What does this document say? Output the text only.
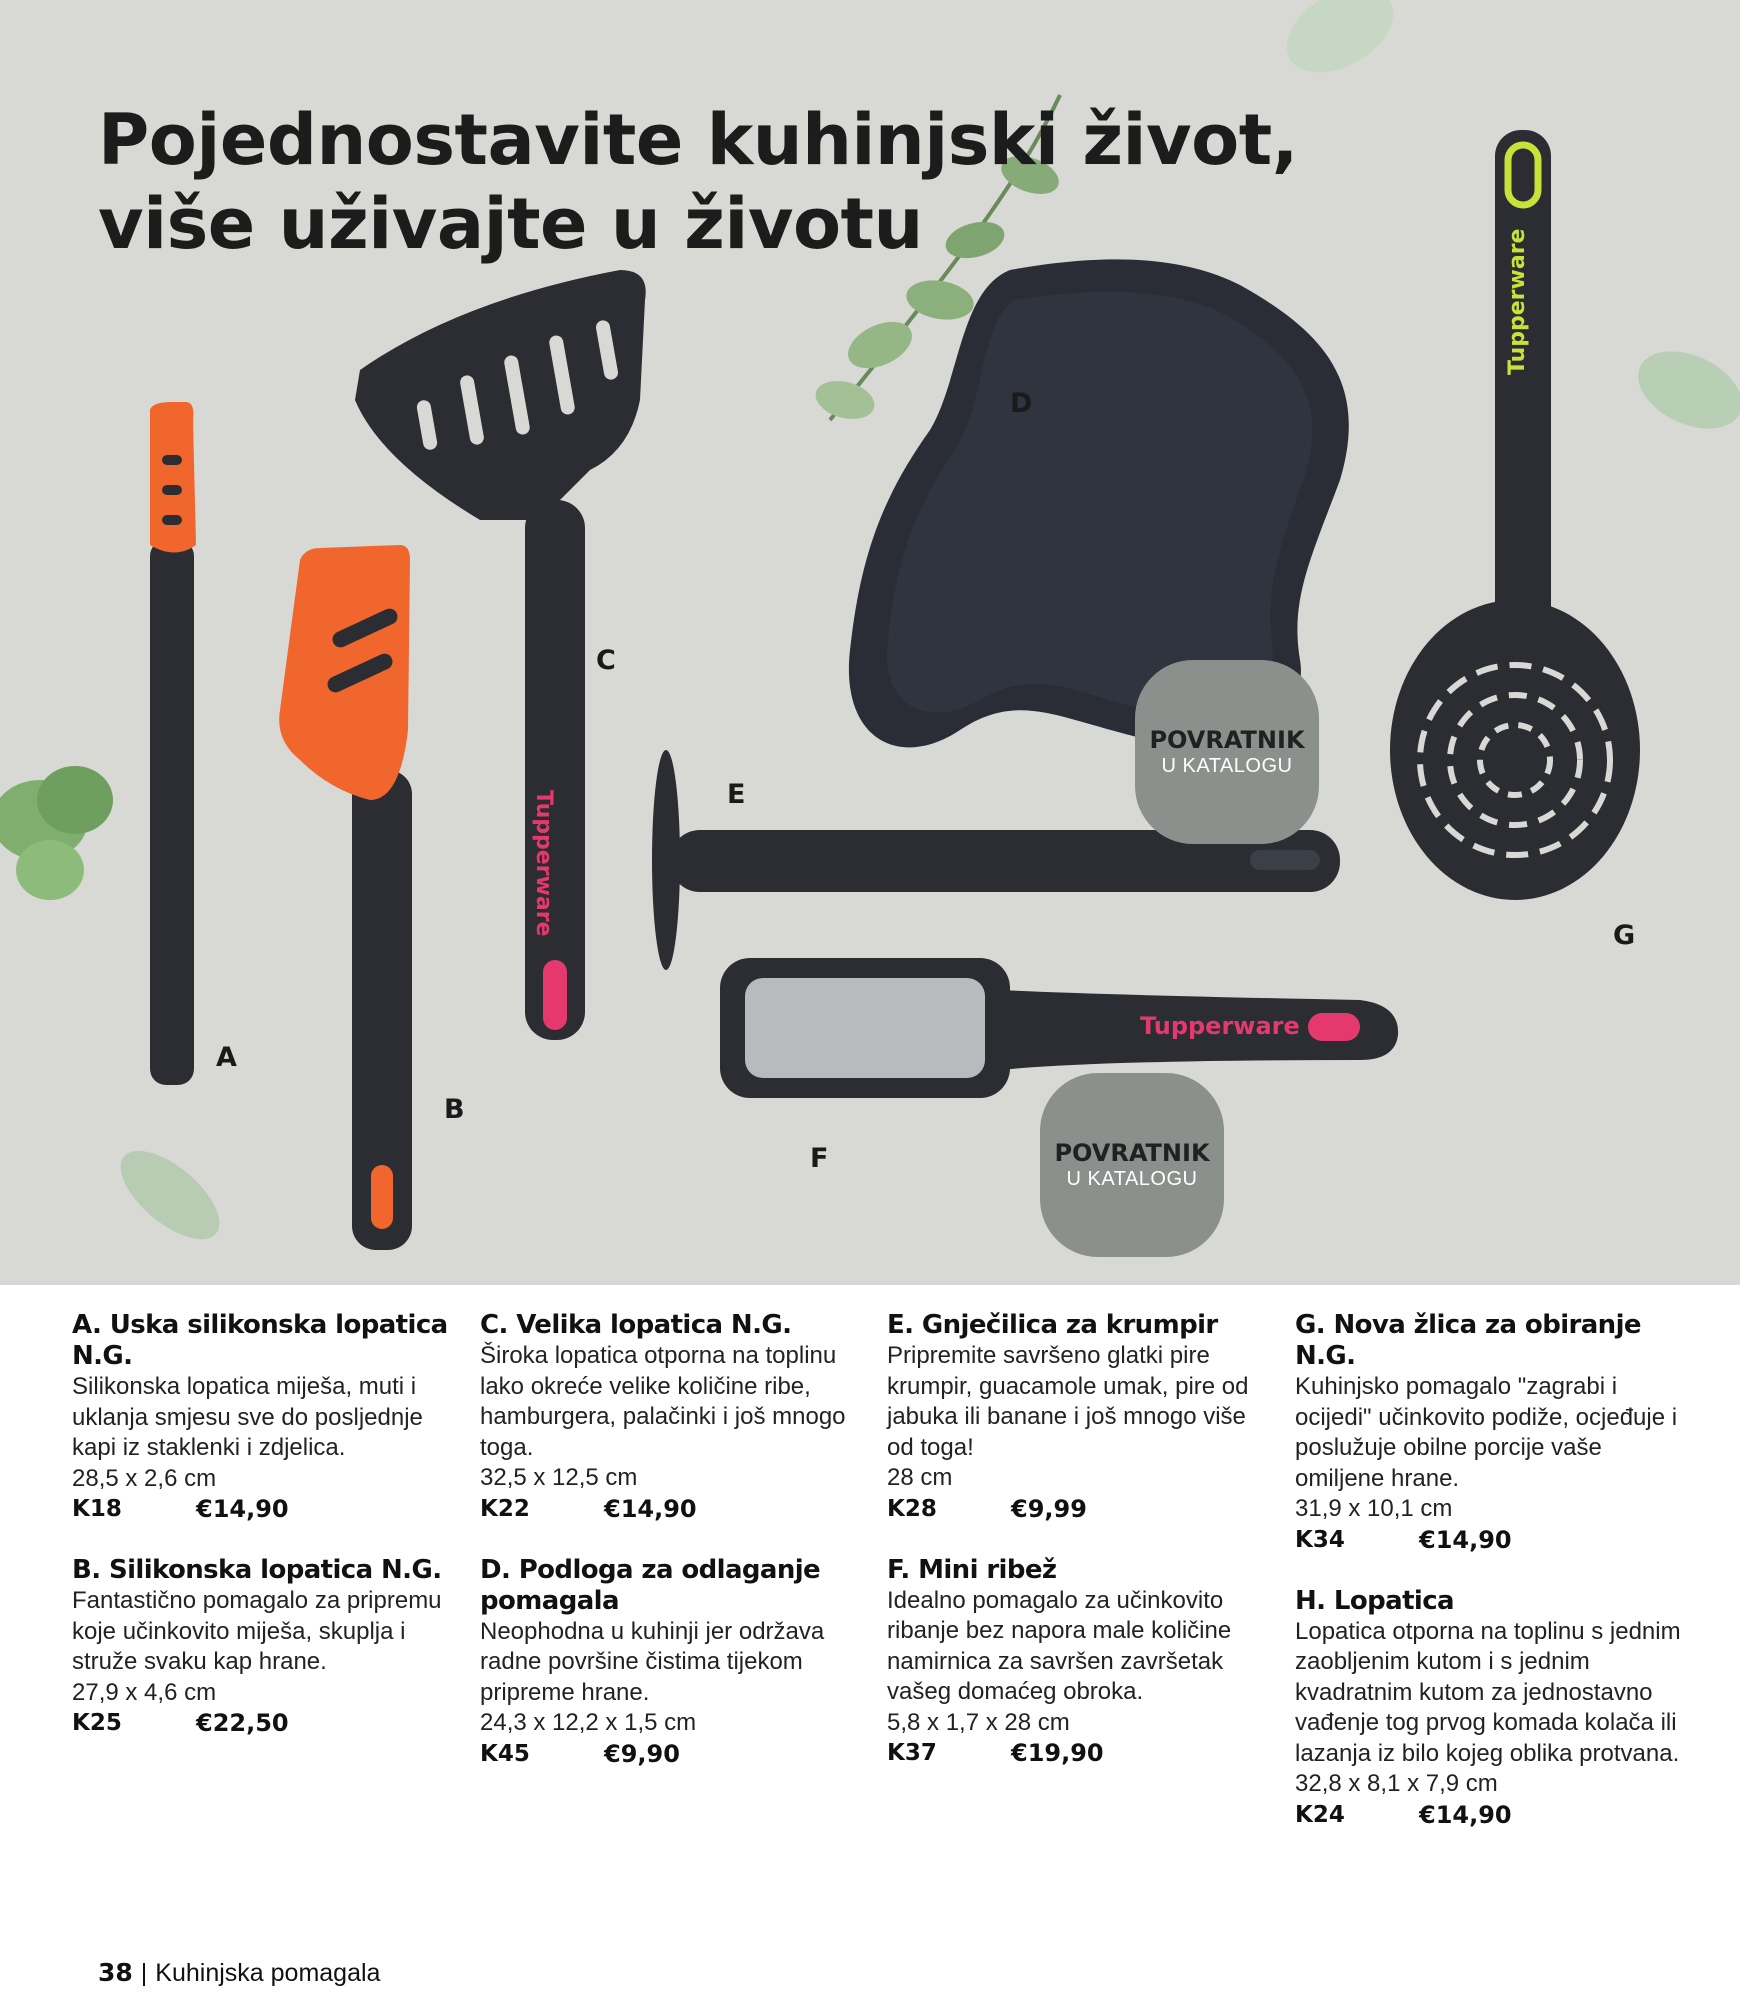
Pojednostavite kuhinjski život,
više uživajte u životu
Tupperware
Tupperware
Tupperware
A
B
C
D
E
F
G
POVRATNIK
U KATALOGU
POVRATNIK
U KATALOGU
A. Uska silikonska lopatica N.G.

Silikonska lopatica miješa, muti i uklanja smjesu sve do posljednje kapi iz staklenki i zdjelica.
28,5 x 2,6 cm

K18	€14,90
B. Silikonska lopatica N.G.

Fantastično pomagalo za pripremu koje učinkovito miješa, skuplja i struže svaku kap hrane.
27,9 x 4,6 cm

K25	€22,50
C. Velika lopatica N.G.

Široka lopatica otporna na toplinu lako okreće velike količine ribe, hamburgera, palačinki i još mnogo toga.
32,5 x 12,5 cm

K22	€14,90
D. Podloga za odlaganje pomagala

Neophodna u kuhinji jer održava radne površine čistima tijekom pripreme hrane.
24,3 x 12,2 x 1,5 cm

K45	€9,90
E. Gnječilica za krumpir

Pripremite savršeno glatki pire krumpir, guacamole umak, pire od jabuka ili banane i još mnogo više od toga!
28 cm

K28	€9,99
F. Mini ribež

Idealno pomagalo za učinkovito ribanje bez napora male količine namirnica za savršen završetak vašeg domaćeg obroka.
5,8 x 1,7 x 28 cm

K37	€19,90
G. Nova žlica za obiranje N.G.

Kuhinjsko pomagalo "zagrabi i ocijedi" učinkovito podiže, ocjeđuje i poslužuje obilne porcije vaše omiljene hrane.
31,9 x 10,1 cm

K34	€14,90
H. Lopatica

Lopatica otporna na toplinu s jednim zaobljenim kutom i s jednim kvadratnim kutom za jednostavno vađenje tog prvog komada kolača ili lazanja iz bilo kojeg oblika protvana.
32,8 x 8,1 x 7,9 cm

K24	€14,90
38 | Kuhinjska pomagala
